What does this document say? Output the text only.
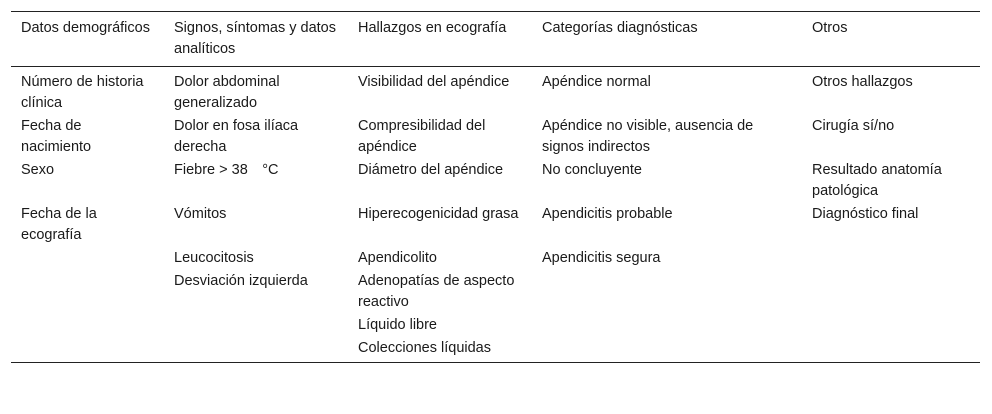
Datos demográficos	Signos, síntomas y datos analíticos	Hallazgos en ecografía	Categorías diagnósticas	Otros
Número de historia clínica	Dolor abdominal generalizado	Visibilidad del apéndice	Apéndice normal	Otros hallazgos
Fecha de nacimiento	Dolor en fosa ilíaca derecha	Compresibilidad del apéndice	Apéndice no visible, ausencia de signos indirectos	Cirugía sí/no
Sexo	Fiebre > 38  °C	Diámetro del apéndice	No concluyente	Resultado anatomía patológica
Fecha de la ecografía	Vómitos	Hiperecogenicidad grasa	Apendicitis probable	Diagnóstico final
	Leucocitosis	Apendicolito	Apendicitis segura	
	Desviación izquierda	Adenopatías de aspecto reactivo		
		Líquido libre		
		Colecciones líquidas		
